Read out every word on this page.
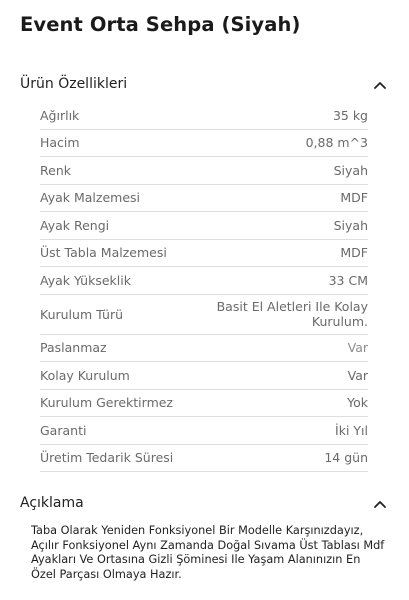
Event Orta Sehpa (Siyah)
Ürün Özellikleri
Ağırlık	35 kg
Hacim	0,88 m^3
Renk	Siyah
Ayak Malzemesi	MDF
Ayak Rengi	Siyah
Üst Tabla Malzemesi	MDF
Ayak Yükseklik	33 CM
Kurulum Türü	Basit El Aletleri Ile Kolay Kurulum.
Paslanmaz	Var
Kolay Kurulum	Var
Kurulum Gerektirmez	Yok
Garanti	İki Yıl
Üretim Tedarik Süresi	14 gün
Açıklama
Taba Olarak Yeniden Fonksiyonel Bir Modelle Karşınızdayız, Açılır Fonksiyonel Aynı Zamanda Doğal Sıvama Üst Tablası Mdf Ayakları Ve Ortasına Gizli Şöminesi Ile Yaşam Alanınızın En Özel Parçası Olmaya Hazır.
